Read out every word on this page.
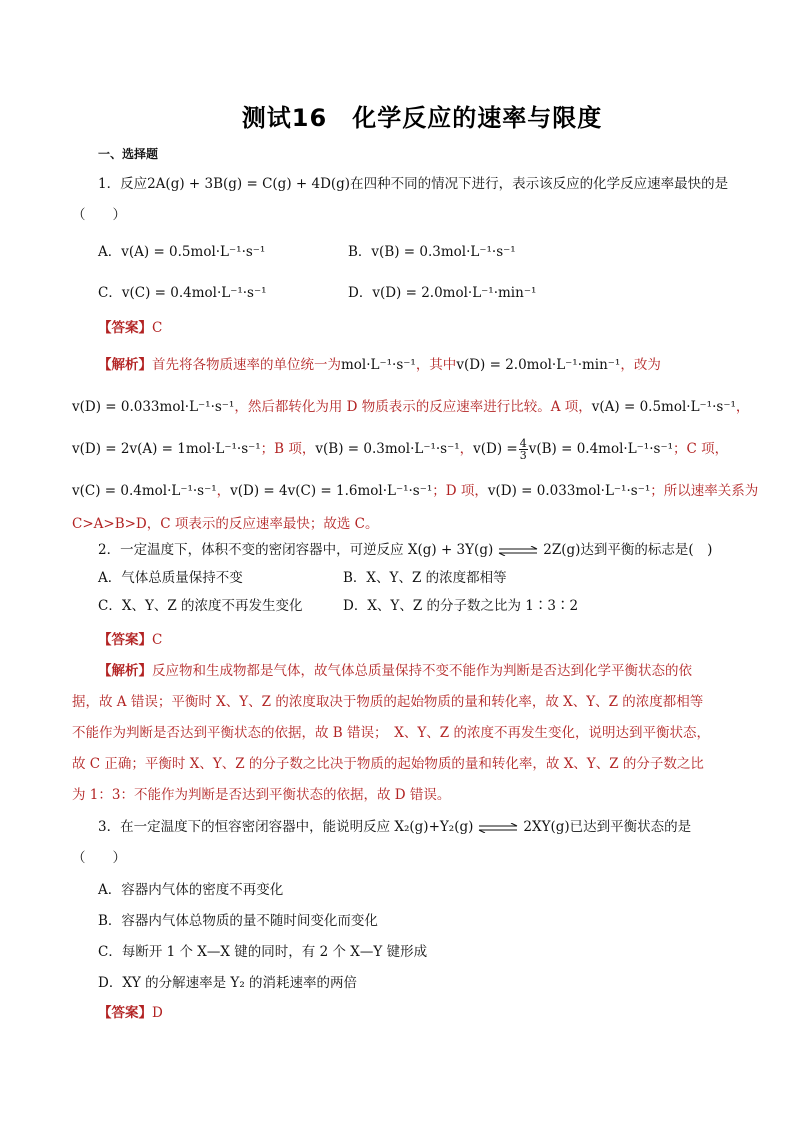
测试16　化学反应的速率与限度
一、选择题
1．反应2A(g) + 3B(g) = C(g) + 4D(g)在四种不同的情况下进行，表示该反应的化学反应速率最快的是
（　　）
A．v(A) = 0.5mol·L⁻¹·s⁻¹	B．v(B) = 0.3mol·L⁻¹·s⁻¹
C．v(C) = 0.4mol·L⁻¹·s⁻¹	D．v(D) = 2.0mol·L⁻¹·min⁻¹
【答案】C
【解析】首先将各物质速率的单位统一为mol·L⁻¹·s⁻¹，其中v(D) = 2.0mol·L⁻¹·min⁻¹，改为
v(D) = 0.033mol·L⁻¹·s⁻¹，然后都转化为用 D 物质表示的反应速率进行比较。A 项，v(A) = 0.5mol·L⁻¹·s⁻¹，
v(D) = 2v(A) = 1mol·L⁻¹·s⁻¹；B 项，v(B) = 0.3mol·L⁻¹·s⁻¹，$v(D) = \frac{4}{3} v(B) = 0.4mol\cdot L^{-1}\cdot s^{-1}$；C 项，
v(C) = 0.4mol·L⁻¹·s⁻¹，v(D) = 4v(C) = 1.6mol·L⁻¹·s⁻¹；D 项，v(D) = 0.033mol·L⁻¹·s⁻¹；所以速率关系为
C>A>B>D，C 项表示的反应速率最快；故选 C。
2．一定温度下，体积不变的密闭容器中，可逆反应 X(g) + 3Y(g) ⇌ 2Z(g)达到平衡的标志是(　)
A．气体总质量保持不变	B．X、Y、Z 的浓度都相等
C．X、Y、Z 的浓度不再发生变化	D．X、Y、Z 的分子数之比为 1∶3∶2
【答案】C
【解析】反应物和生成物都是气体，故气体总质量保持不变不能作为判断是否达到化学平衡状态的依
据，故 A 错误；平衡时 X、Y、Z 的浓度取决于物质的起始物质的量和转化率，故 X、Y、Z 的浓度都相等
不能作为判断是否达到平衡状态的依据，故 B 错误；　X、Y、Z 的浓度不再发生变化，说明达到平衡状态，
故 C 正确；平衡时 X、Y、Z 的分子数之比决于物质的起始物质的量和转化率，故 X、Y、Z 的分子数之比
为 1：3：不能作为判断是否达到平衡状态的依据，故 D 错误。
3．在一定温度下的恒容密闭容器中，能说明反应 X₂(g)+Y₂(g) ⇌ 2XY(g)已达到平衡状态的是
（　　）
A．容器内气体的密度不再变化
B．容器内气体总物质的量不随时间变化而变化
C．每断开 1 个 X—X 键的同时，有 2 个 X—Y 键形成
D．XY 的分解速率是 Y₂ 的消耗速率的两倍
【答案】D
